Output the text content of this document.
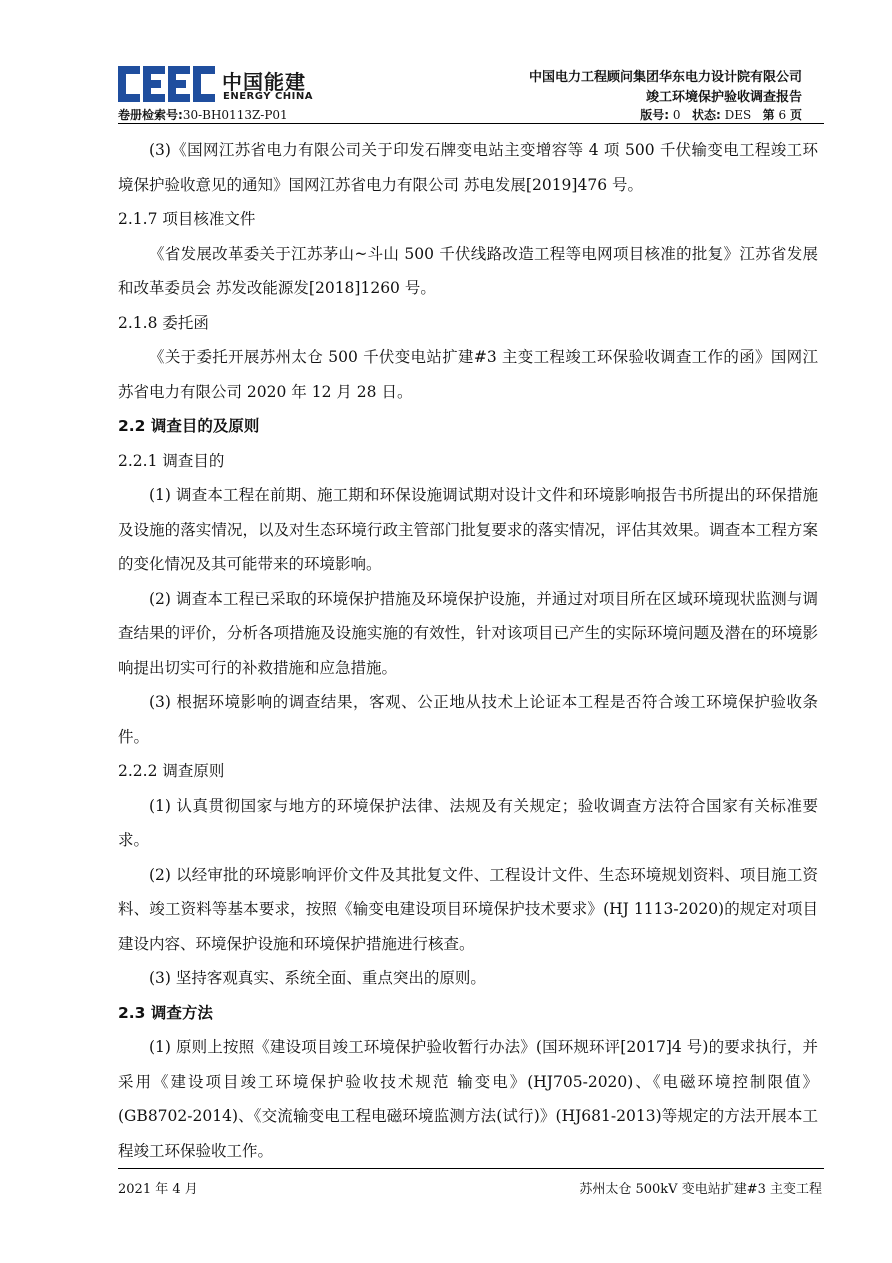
中国能建
ENERGY CHINA
中国电力工程顾问集团华东电力设计院有限公司
竣工环境保护验收调查报告
卷册检索号:30-BH0113Z-P01	版号: 0 状态: DES 第 6 页

(3)《国网江苏省电力有限公司关于印发石牌变电站主变增容等 4 项 500 千伏输变电工程竣工环境保护验收意见的通知》国网江苏省电力有限公司 苏电发展[2019]476 号。

2.1.7 项目核准文件

《省发展改革委关于江苏茅山~斗山 500 千伏线路改造工程等电网项目核准的批复》江苏省发展和改革委员会 苏发改能源发[2018]1260 号。

2.1.8 委托函

《关于委托开展苏州太仓 500 千伏变电站扩建#3 主变工程竣工环保验收调查工作的函》国网江苏省电力有限公司 2020 年 12 月 28 日。

2.2 调查目的及原则

2.2.1 调查目的

(1) 调查本工程在前期、施工期和环保设施调试期对设计文件和环境影响报告书所提出的环保措施及设施的落实情况，以及对生态环境行政主管部门批复要求的落实情况，评估其效果。调查本工程方案的变化情况及其可能带来的环境影响。

(2) 调查本工程已采取的环境保护措施及环境保护设施，并通过对项目所在区域环境现状监测与调查结果的评价，分析各项措施及设施实施的有效性，针对该项目已产生的实际环境问题及潜在的环境影响提出切实可行的补救措施和应急措施。

(3) 根据环境影响的调查结果，客观、公正地从技术上论证本工程是否符合竣工环境保护验收条件。

2.2.2 调查原则

(1) 认真贯彻国家与地方的环境保护法律、法规及有关规定；验收调查方法符合国家有关标准要求。

(2) 以经审批的环境影响评价文件及其批复文件、工程设计文件、生态环境规划资料、项目施工资料、竣工资料等基本要求，按照《输变电建设项目环境保护技术要求》(HJ 1113-2020)的规定对项目建设内容、环境保护设施和环境保护措施进行核查。

(3) 坚持客观真实、系统全面、重点突出的原则。

2.3 调查方法

(1) 原则上按照《建设项目竣工环境保护验收暂行办法》(国环规环评[2017]4 号)的要求执行，并采用《建设项目竣工环境保护验收技术规范 输变电》(HJ705-2020)、《电磁环境控制限值》(GB8702-2014)、《交流输变电工程电磁环境监测方法(试行)》(HJ681-2013)等规定的方法开展本工程竣工环保验收工作。

2021 年 4 月	苏州太仓 500kV 变电站扩建#3 主变工程
